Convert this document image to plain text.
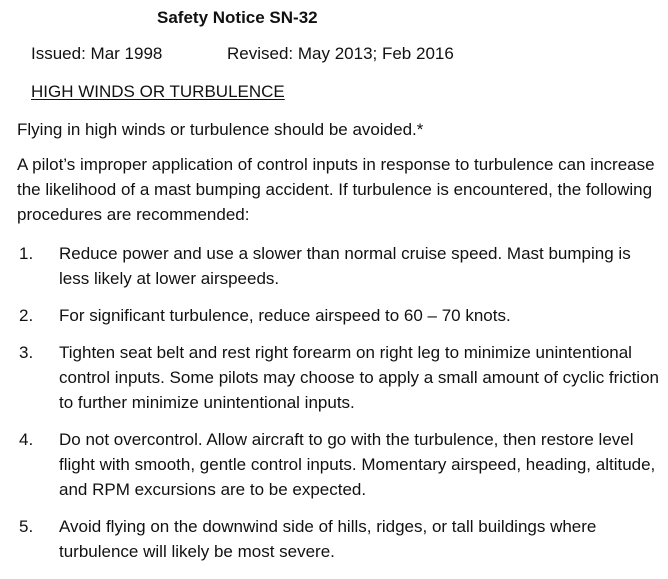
Safety Notice SN-32
Issued: Mar 1998	Revised: May 2013; Feb 2016
HIGH WINDS OR TURBULENCE
Flying in high winds or turbulence should be avoided.*
A pilot’s improper application of control inputs in response to turbulence can increase the likelihood of a mast bumping accident. If turbulence is encountered, the following procedures are recommended:
1.	Reduce power and use a slower than normal cruise speed. Mast bumping is less likely at lower airspeeds.
2.	For significant turbulence, reduce airspeed to 60 – 70 knots.
3.	Tighten seat belt and rest right forearm on right leg to minimize unintentional control inputs. Some pilots may choose to apply a small amount of cyclic friction to further minimize unintentional inputs.
4.	Do not overcontrol. Allow aircraft to go with the turbulence, then restore level flight with smooth, gentle control inputs. Momentary airspeed, heading, altitude, and RPM excursions are to be expected.
5.	Avoid flying on the downwind side of hills, ridges, or tall buildings where turbulence will likely be most severe.
